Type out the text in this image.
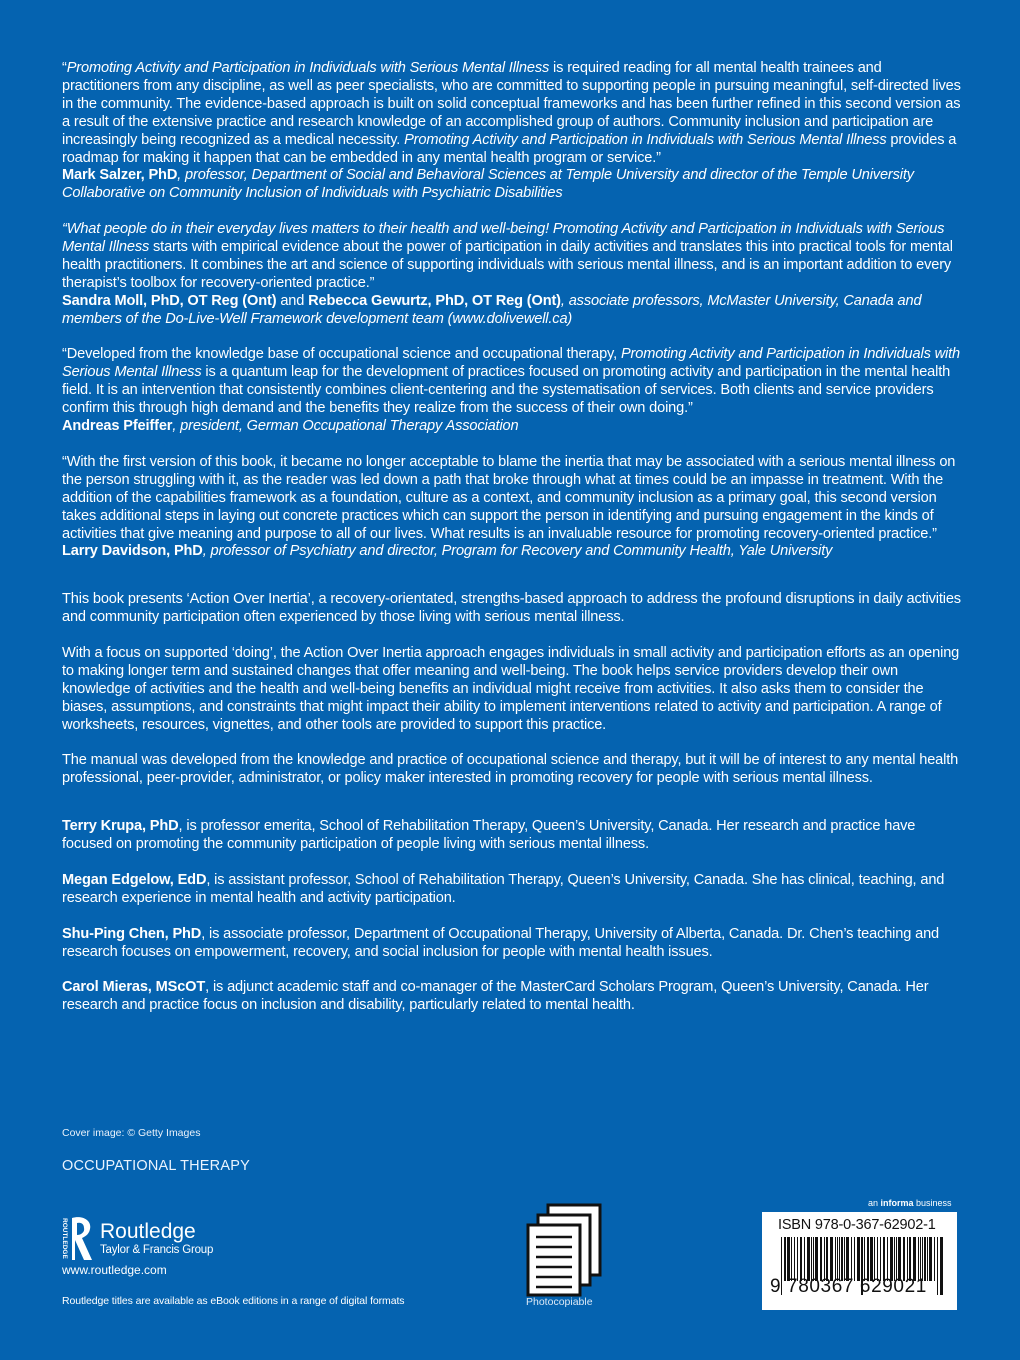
“Promoting Activity and Participation in Individuals with Serious Mental Illness is required reading for all mental health trainees and practitioners from any discipline, as well as peer specialists, who are committed to supporting people in pursuing meaningful, self-directed lives in the community. The evidence-based approach is built on solid conceptual frameworks and has been further refined in this second version as a result of the extensive practice and research knowledge of an accomplished group of authors. Community inclusion and participation are increasingly being recognized as a medical necessity. Promoting Activity and Participation in Individuals with Serious Mental Illness provides a roadmap for making it happen that can be embedded in any mental health program or service.”

Mark Salzer, PhD, professor, Department of Social and Behavioral Sciences at Temple University and director of the Temple University Collaborative on Community Inclusion of Individuals with Psychiatric Disabilities

“What people do in their everyday lives matters to their health and well-being! Promoting Activity and Participation in Individuals with Serious Mental Illness starts with empirical evidence about the power of participation in daily activities and translates this into practical tools for mental health practitioners. It combines the art and science of supporting individuals with serious mental illness, and is an important addition to every therapist’s toolbox for recovery-oriented practice.”

Sandra Moll, PhD, OT Reg (Ont) and Rebecca Gewurtz, PhD, OT Reg (Ont), associate professors, McMaster University, Canada and members of the Do-Live-Well Framework development team (www.dolivewell.ca)

“Developed from the knowledge base of occupational science and occupational therapy, Promoting Activity and Participation in Individuals with Serious Mental Illness is a quantum leap for the development of practices focused on promoting activity and participation in the mental health field. It is an intervention that consistently combines client-centering and the systematisation of services. Both clients and service providers confirm this through high demand and the benefits they realize from the success of their own doing.”

Andreas Pfeiffer, president, German Occupational Therapy Association

“With the first version of this book, it became no longer acceptable to blame the inertia that may be associated with a serious mental illness on the person struggling with it, as the reader was led down a path that broke through what at times could be an impasse in treatment. With the addition of the capabilities framework as a foundation, culture as a context, and community inclusion as a primary goal, this second version takes additional steps in laying out concrete practices which can support the person in identifying and pursuing engagement in the kinds of activities that give meaning and purpose to all of our lives. What results is an invaluable resource for promoting recovery-oriented practice.”

Larry Davidson, PhD, professor of Psychiatry and director, Program for Recovery and Community Health, Yale University

This book presents ‘Action Over Inertia’, a recovery-orientated, strengths-based approach to address the profound disruptions in daily activities and community participation often experienced by those living with serious mental illness.
With a focus on supported ‘doing’, the Action Over Inertia approach engages individuals in small activity and participation efforts as an opening to making longer term and sustained changes that offer meaning and well-being. The book helps service providers develop their own knowledge of activities and the health and well-being benefits an individual might receive from activities. It also asks them to consider the biases, assumptions, and constraints that might impact their ability to implement interventions related to activity and participation. A range of worksheets, resources, vignettes, and other tools are provided to support this practice.
The manual was developed from the knowledge and practice of occupational science and therapy, but it will be of interest to any mental health professional, peer-provider, administrator, or policy maker interested in promoting recovery for people with serious mental illness.
Terry Krupa, PhD, is professor emerita, School of Rehabilitation Therapy, Queen’s University, Canada. Her research and practice have focused on promoting the community participation of people living with serious mental illness.
Megan Edgelow, EdD, is assistant professor, School of Rehabilitation Therapy, Queen’s University, Canada. She has clinical, teaching, and research experience in mental health and activity participation.
Shu-Ping Chen, PhD, is associate professor, Department of Occupational Therapy, University of Alberta, Canada. Dr. Chen’s teaching and research focuses on empowerment, recovery, and social inclusion for people with mental health issues.
Carol Mieras, MScOT, is adjunct academic staff and co-manager of the MasterCard Scholars Program, Queen’s University, Canada. Her research and practice focus on inclusion and disability, particularly related to mental health.
Cover image: © Getty Images
OCCUPATIONAL THERAPY
ROUTLEDGE Routledge
Taylor & Francis Group
www.routledge.com
Routledge titles are available as eBook editions in a range of digital formats	Photocopiable
an informa business
ISBN 978-0-367-62902-1
9 780367 629021
